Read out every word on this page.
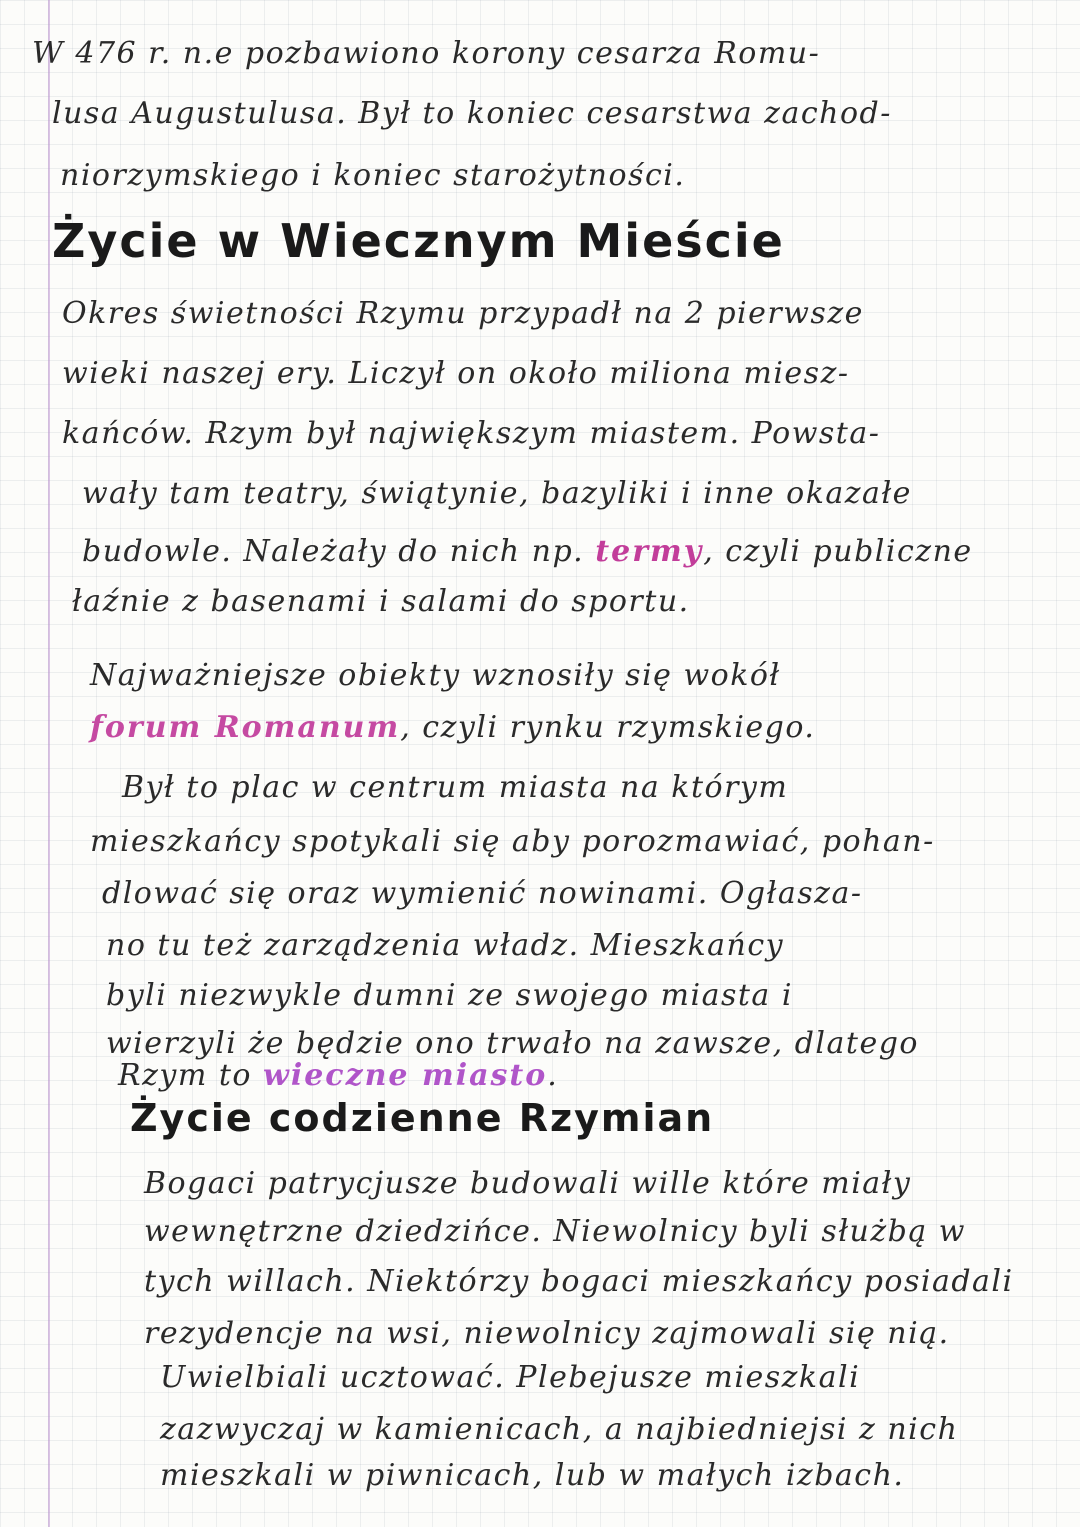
W 476 r. n.e pozbawiono korony cesarza Romu-
lusa Augustulusa. Był to koniec cesarstwa zachod-
niorzymskiego i koniec starożytności.
Życie w Wiecznym Mieście
Okres świetności Rzymu przypadł na 2 pierwsze
wieki naszej ery. Liczył on około miliona miesz-
kańców. Rzym był największym miastem. Powsta-
wały tam teatry, świątynie, bazyliki i inne okazałe
budowle. Należały do nich np. termy, czyli publiczne
łaźnie z basenami i salami do sportu.
Najważniejsze obiekty wznosiły się wokół
forum Romanum, czyli rynku rzymskiego.
Był to plac w centrum miasta na którym
mieszkańcy spotykali się aby porozmawiać, pohan-
dlować się oraz wymienić nowinami. Ogłasza-
no tu też zarządzenia władz. Mieszkańcy
byli niezwykle dumni ze swojego miasta i
wierzyli że będzie ono trwało na zawsze, dlatego
Rzym to wieczne miasto.
Życie codzienne Rzymian
Bogaci patrycjusze budowali wille które miały
wewnętrzne dziedzińce. Niewolnicy byli służbą w
tych willach. Niektórzy bogaci mieszkańcy posiadali
rezydencje na wsi, niewolnicy zajmowali się nią.
Uwielbiali ucztować. Plebejusze mieszkali
zazwyczaj w kamienicach, a najbiedniejsi z nich
mieszkali w piwnicach, lub w małych izbach.
